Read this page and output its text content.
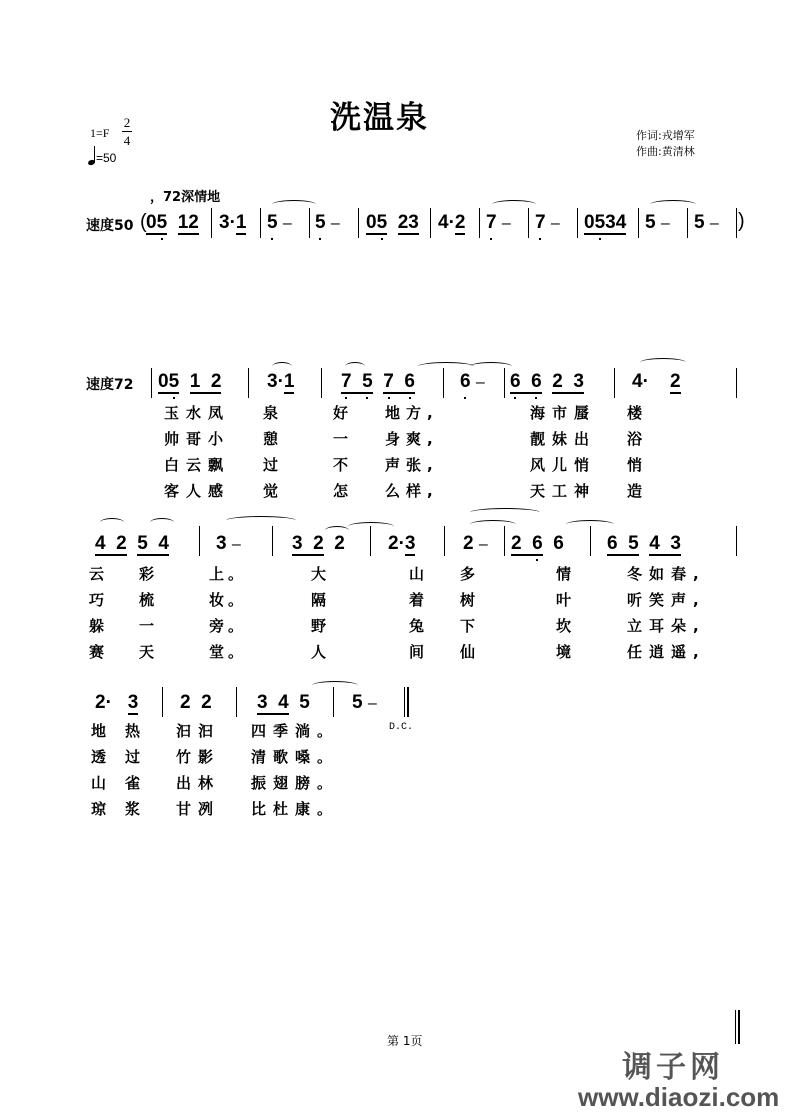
洗温泉
1=F
2
4
=50
作词:戎增军
作曲:黄清林
，72深情地
速度50 ( 05 12 3·1 5 – 5 – 05 23 4·2 7 – 7 – 0534 5 – 5 – )
速度72 05 1  2 3·1 7 5 7 6 6 – 6 6 2  3	4·    2
玉水凤 泉	好 地方,	海市蜃 楼
帅哥小 憩	一 身爽,	靓妹出 浴
白云飘 过	不 声张,	风儿悄 悄
客人感 觉	怎 么样,	天工神 造
4  2 5  4 3 –	3  2  2 2·3	2 – 2  6  6 6  5 4  3
云 彩	上。	大	山 多	情	冬如春,
巧 梳	妆。	隔	着 树	叶	听笑声,
躲 一	旁。	野	兔 下	坎	立耳朵,
赛 天	堂。	人	间 仙	境	任逍遥,
2·   3 2  2 3  4  5 5 –
D.C.
地 热 汩汩 四季淌。
透 过 竹影 清歌嗓。
山 雀 出林 振翅膀。
琼 浆 甘冽 比杜康。
第 1页
调子网
www.diaozi.com
